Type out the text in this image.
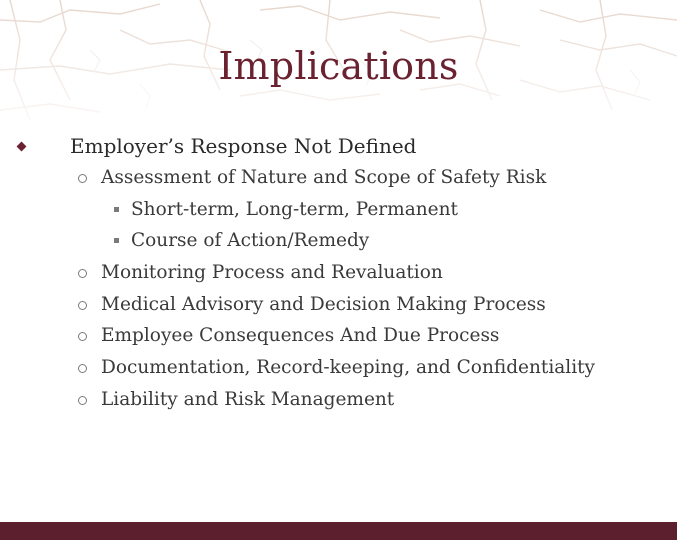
Implications
Employer’s Response Not Defined
Assessment of Nature and Scope of Safety Risk
Short-term, Long-term, Permanent
Course of Action/Remedy
Monitoring Process and Revaluation
Medical Advisory and Decision Making Process
Employee Consequences And Due Process
Documentation, Record-keeping, and Confidentiality
Liability and Risk Management
